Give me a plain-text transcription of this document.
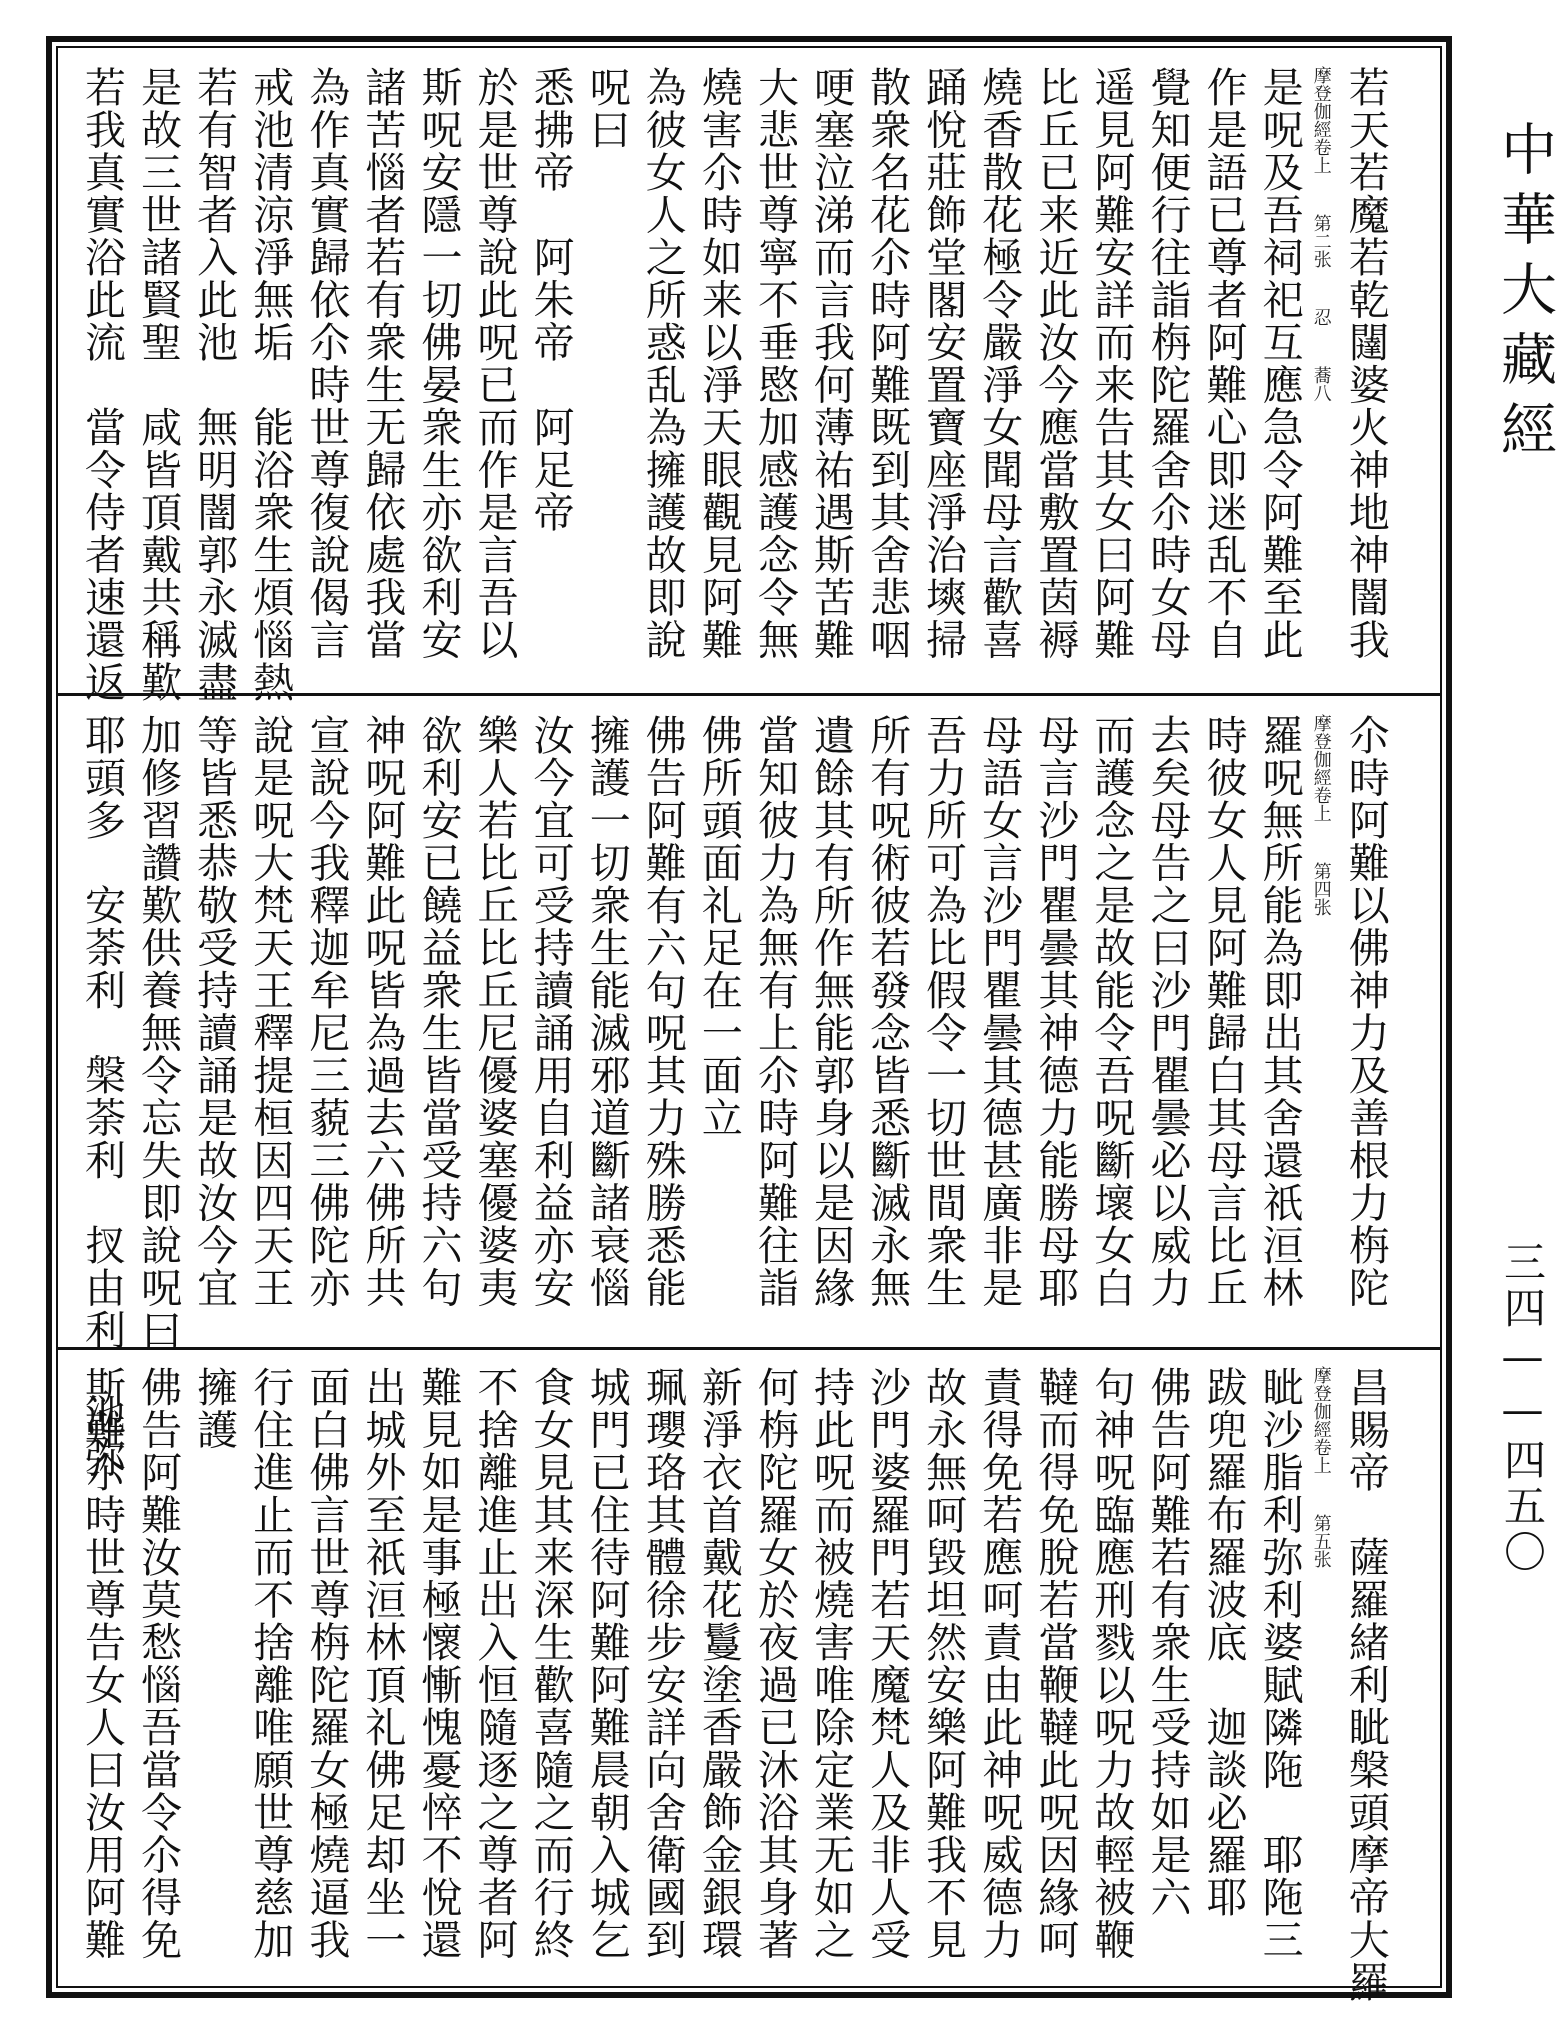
若天若魔若乾闥婆火神地神闇我
摩登伽經卷上
第二张
忍
蕎八
是呪及吾祠祀互應急令阿難至此
作是語已尊者阿難心即迷乱不自
覺知便行往詣栴陀羅舍尒時女母
遥見阿難安詳而来告其女曰阿難
比丘已来近此汝今應當敷置茵褥
燒香散花極令嚴淨女聞母言歡喜
踊悅莊飾堂閣安置寶座淨治塽掃
散衆名花尒時阿難既到其舍悲咽
哽塞泣涕而言我何薄祐遇斯苦難
大悲世尊寧不垂愍加感護念令無
燒害尒時如来以淨天眼觀見阿難
為彼女人之所惑乱為擁護故即說
呪曰
悉拂帝　阿朱帝　阿足帝
於是世尊說此呪已而作是言吾以
斯呪安隱一切佛晏衆生亦欲利安
諸苦惱者若有衆生无歸依處我當
為作真實歸依尒時世尊復說偈言
戒池清涼淨無垢　能浴衆生煩惱熱
若有智者入此池　無明闇郭永滅盡
是故三世諸賢聖　咸皆頂戴共稱歎
若我真實浴此流　當令侍者速還返
尒時阿難以佛神力及善根力栴陀
摩登伽經卷上
第四张
羅呪無所能為即出其舍還祇洹林
時彼女人見阿難歸白其母言比丘
去矣母告之曰沙門瞿曇必以威力
而護念之是故能令吾呪斷壞女白
母言沙門瞿曇其神德力能勝母耶
母語女言沙門瞿曇其德甚廣非是
吾力所可為比假令一切世間衆生
所有呪術彼若發念皆悉斷滅永無
遺餘其有所作無能郭身以是因緣
當知彼力為無有上尒時阿難往詣
佛所頭面礼足在一面立
佛告阿難有六句呪其力殊勝悉能
擁護一切衆生能滅邪道斷諸衰惱
汝今宜可受持讀誦用自利益亦安
樂人若比丘比丘尼優婆塞優婆夷
欲利安已饒益衆生皆當受持六句
神呪阿難此呪皆為過去六佛所共
宣說今我釋迦牟尼三藐三佛陀亦
說是呪大梵天王釋提桓因四天王
等皆悉恭敬受持讀誦是故汝今宜
加修習讚歎供養無令忘失即說呪曰
耶頭多　安荼利　槃荼利　扠由利　池弥
昌賜帝　薩羅緒利眦槃頭摩帝大羅
摩登伽經卷上
第五张
眦沙脂利弥利婆賦隣陁　耶陁三
跋兜羅布羅波底　迦談必羅耶
佛告阿難若有衆生受持如是六
句神呪臨應刑戮以呪力故輕被鞭
韃而得免脫若當鞭韃此呪因緣呵
責得免若應呵責由此神呪威德力
故永無呵毀坦然安樂阿難我不見
沙門婆羅門若天魔梵人及非人受
持此呪而被燒害唯除定業无如之
何栴陀羅女於夜過已沐浴其身著
新淨衣首戴花鬘塗香嚴飾金銀環
珮瓔珞其體徐步安詳向舍衛國到
城門已住待阿難阿難晨朝入城乞
食女見其来深生歡喜隨之而行終
不捨離進止出入恒隨逐之尊者阿
難見如是事極懷慚愧憂悴不悅還
出城外至祇洹林頂礼佛足却坐一
面白佛言世尊栴陀羅女極燒逼我
行住進止而不捨離唯願世尊慈加
擁護
佛告阿難汝莫愁惱吾當令尒得免
斯難尒時世尊告女人曰汝用阿難
中華大藏經
三四——四五〇
